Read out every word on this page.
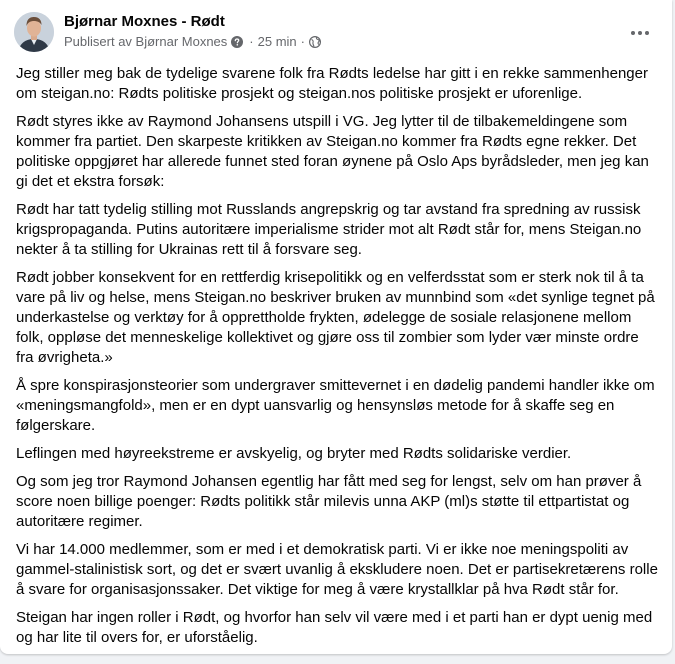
Bjørnar Moxnes - Rødt
Publisert av Bjørnar Moxnes · 25 min ·

Jeg stiller meg bak de tydelige svarene folk fra Rødts ledelse har gitt i en rekke sammenhenger om steigan.no: Rødts politiske prosjekt og steigan.nos politiske prosjekt er uforenlige.

Rødt styres ikke av Raymond Johansens utspill i VG. Jeg lytter til de tilbakemeldingene som kommer fra partiet. Den skarpeste kritikken av Steigan.no kommer fra Rødts egne rekker. Det politiske oppgjøret har allerede funnet sted foran øynene på Oslo Aps byrådsleder, men jeg kan gi det et ekstra forsøk:

Rødt har tatt tydelig stilling mot Russlands angrepskrig og tar avstand fra spredning av russisk krigspropaganda. Putins autoritære imperialisme strider mot alt Rødt står for, mens Steigan.no nekter å ta stilling for Ukrainas rett til å forsvare seg.

Rødt jobber konsekvent for en rettferdig krisepolitikk og en velferdsstat som er sterk nok til å ta vare på liv og helse, mens Steigan.no beskriver bruken av munnbind som «det synlige tegnet på underkastelse og verktøy for å opprettholde frykten, ødelegge de sosiale relasjonene mellom folk, oppløse det menneskelige kollektivet og gjøre oss til zombier som lyder vær minste ordre fra øvrigheta.»

Å spre konspirasjonsteorier som undergraver smittevernet i en dødelig pandemi handler ikke om «meningsmangfold», men er en dypt uansvarlig og hensynsløs metode for å skaffe seg en følgerskare.

Leflingen med høyreekstreme er avskyelig, og bryter med Rødts solidariske verdier.

Og som jeg tror Raymond Johansen egentlig har fått med seg for lengst, selv om han prøver å score noen billige poenger: Rødts politikk står milevis unna AKP (ml)s støtte til ettpartistat og autoritære regimer.

Vi har 14.000 medlemmer, som er med i et demokratisk parti. Vi er ikke noe meningspoliti av gammel-stalinistisk sort, og det er svært uvanlig å ekskludere noen. Det er partisekretærens rolle å svare for organisasjonssaker. Det viktige for meg å være krystallklar på hva Rødt står for.

Steigan har ingen roller i Rødt, og hvorfor han selv vil være med i et parti han er dypt uenig med og har lite til overs for, er uforståelig.
